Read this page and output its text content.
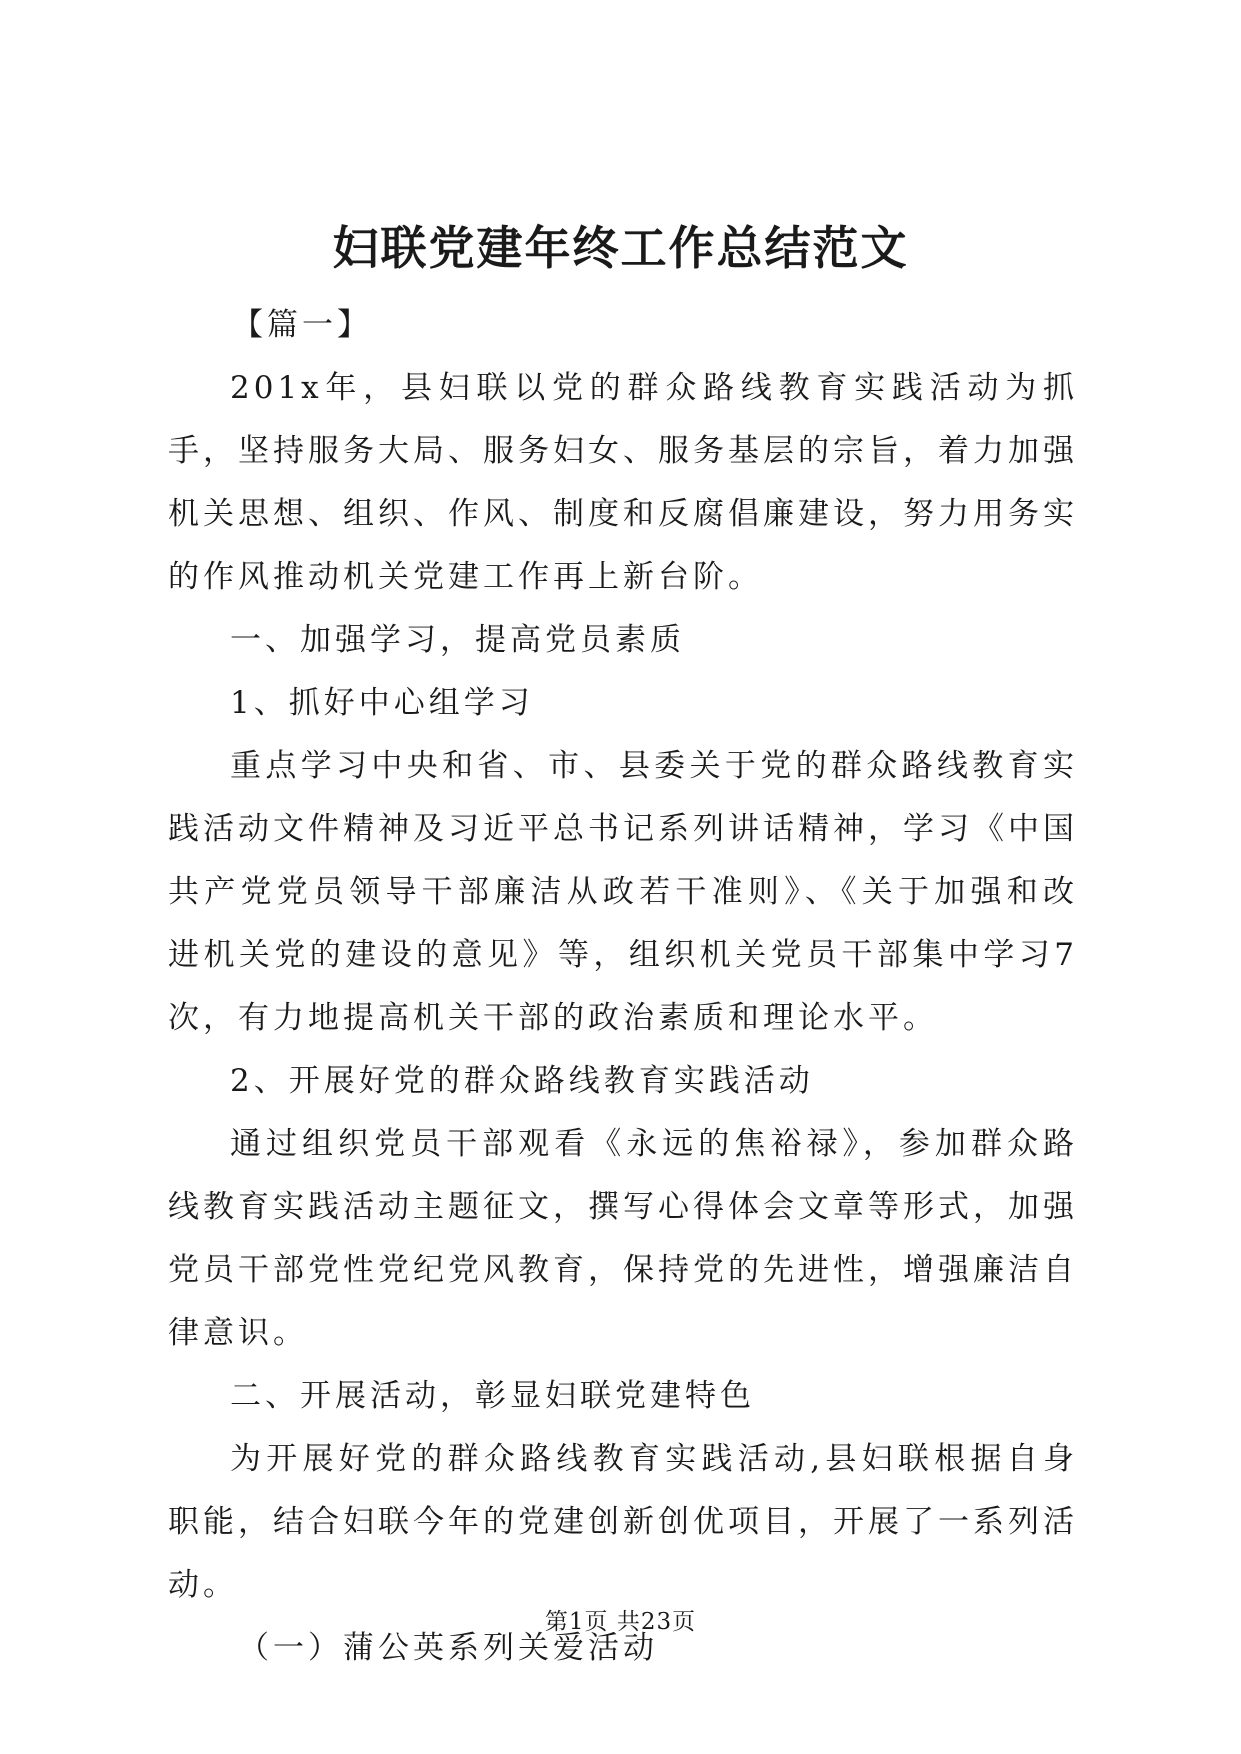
妇联党建年终工作总结范文

【篇一】

201x年，县妇联以党的群众路线教育实践活动为抓手，坚持服务大局、服务妇女、服务基层的宗旨，着力加强机关思想、组织、作风、制度和反腐倡廉建设，努力用务实的作风推动机关党建工作再上新台阶。

一、加强学习，提高党员素质

1、抓好中心组学习

重点学习中央和省、市、县委关于党的群众路线教育实践活动文件精神及习近平总书记系列讲话精神，学习《中国共产党党员领导干部廉洁从政若干准则》、《关于加强和改进机关党的建设的意见》等，组织机关党员干部集中学习7次，有力地提高机关干部的政治素质和理论水平。

2、开展好党的群众路线教育实践活动

通过组织党员干部观看《永远的焦裕禄》，参加群众路线教育实践活动主题征文，撰写心得体会文章等形式，加强党员干部党性党纪党风教育，保持党的先进性，增强廉洁自律意识。

二、开展活动，彰显妇联党建特色

为开展好党的群众路线教育实践活动,县妇联根据自身职能，结合妇联今年的党建创新创优项目，开展了一系列活动。

（一）蒲公英系列关爱活动

第1页 共23页
